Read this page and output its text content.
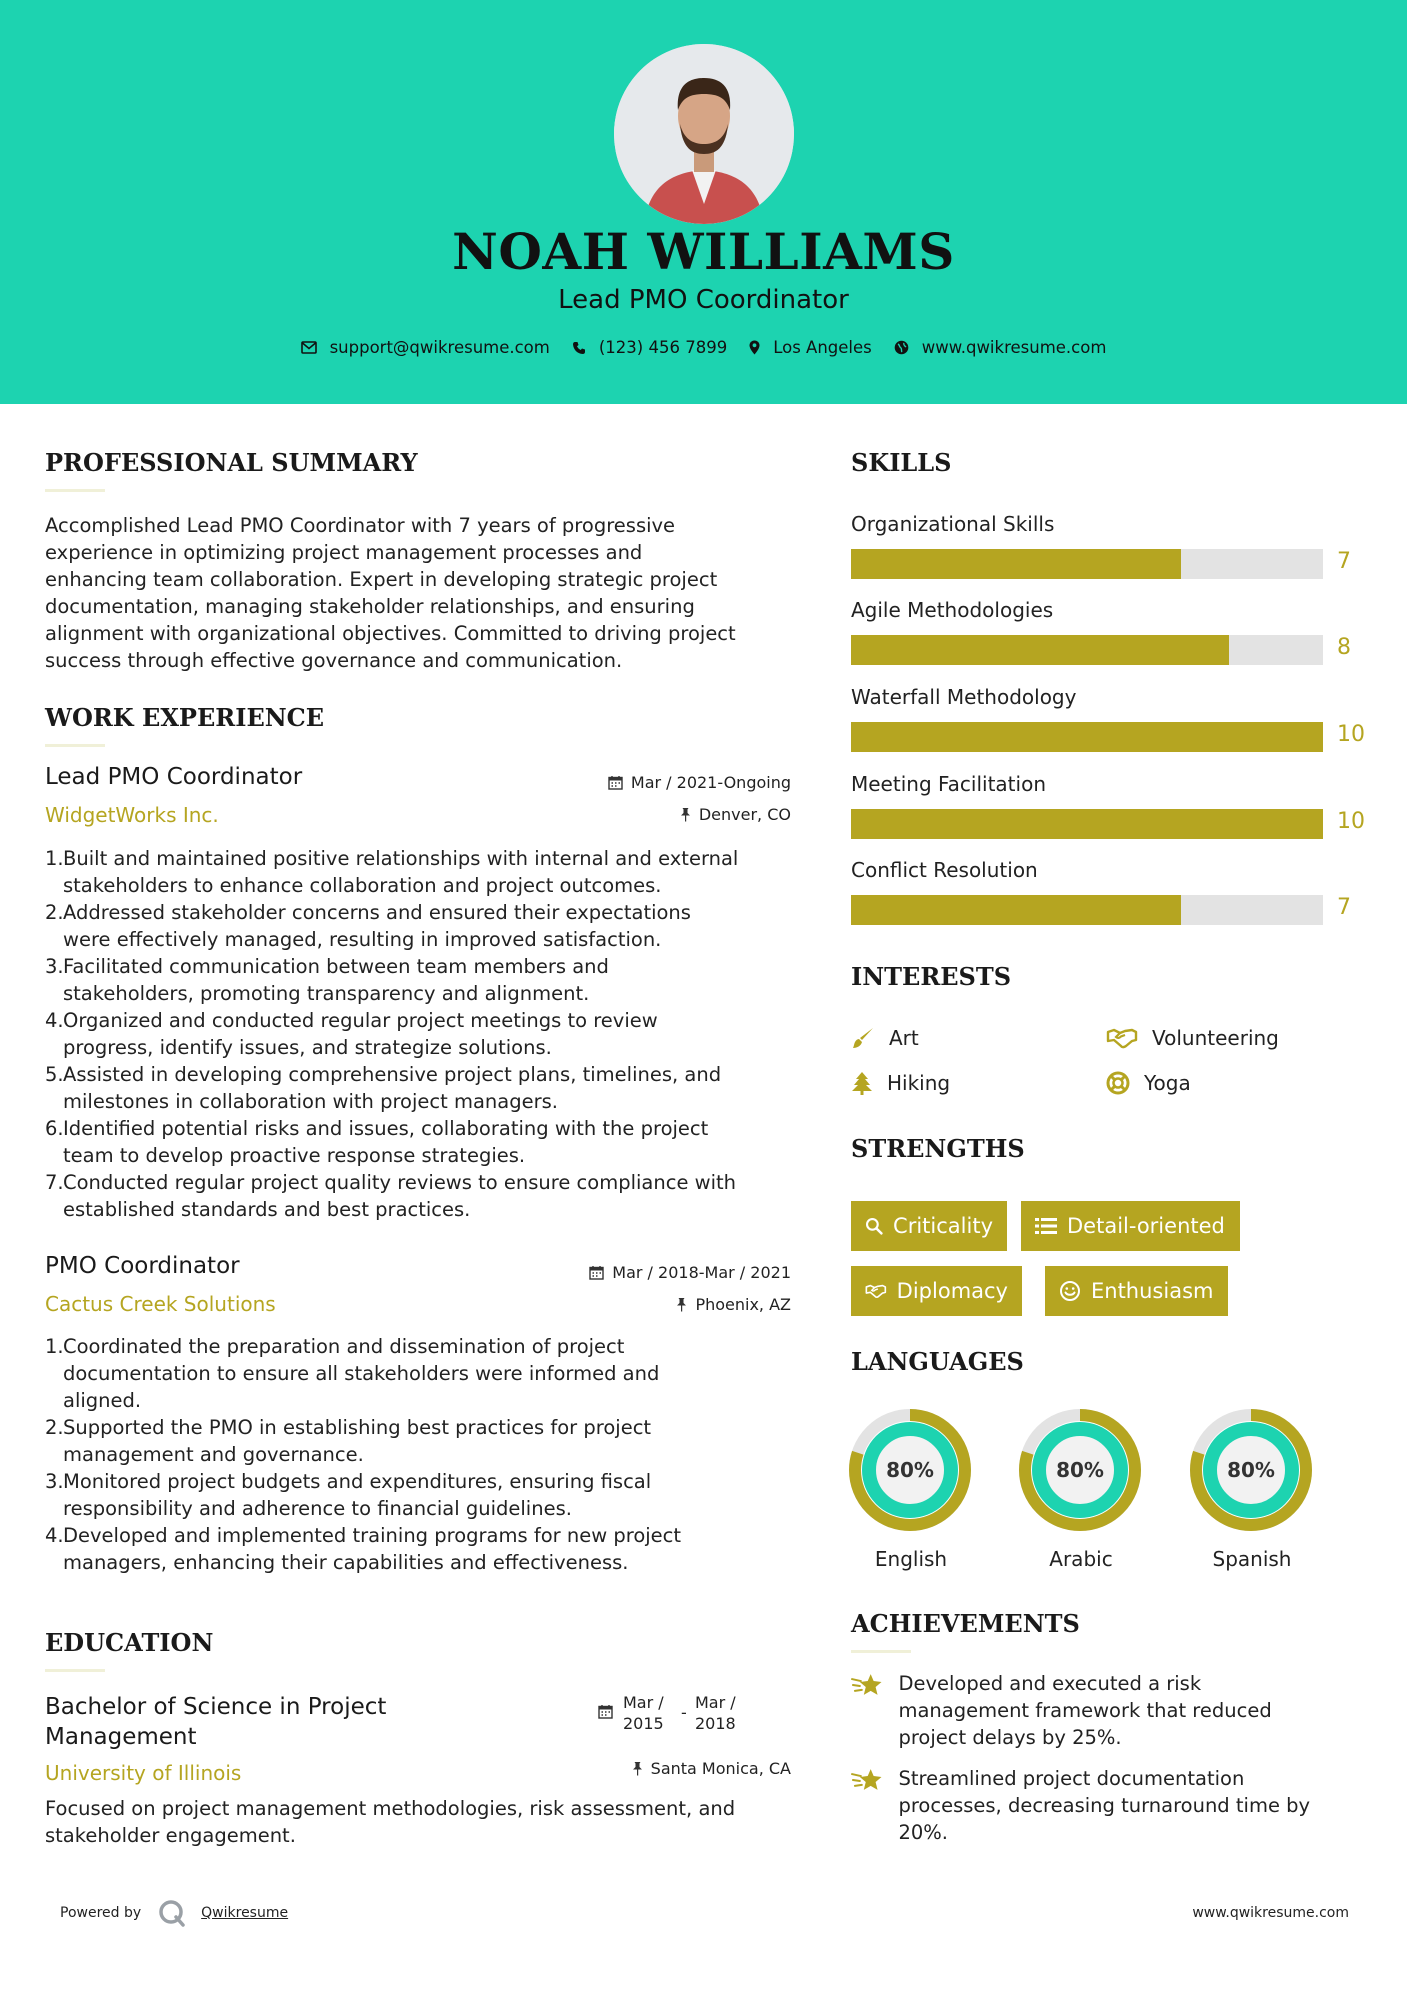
NOAH WILLIAMS
Lead PMO Coordinator
support@qwikresume.com	(123) 456 7899	Los Angeles	www.qwikresume.com
PROFESSIONAL SUMMARY
Accomplished Lead PMO Coordinator with 7 years of progressive
experience in optimizing project management processes and
enhancing team collaboration. Expert in developing strategic project
documentation, managing stakeholder relationships, and ensuring
alignment with organizational objectives. Committed to driving project
success through effective governance and communication.
WORK EXPERIENCE
Lead PMO Coordinator
WidgetWorks Inc.
Mar / 2021-Ongoing
Denver, CO
1. Built and maintained positive relationships with internal and external
stakeholders to enhance collaboration and project outcomes.
2. Addressed stakeholder concerns and ensured their expectations
were effectively managed, resulting in improved satisfaction.
3. Facilitated communication between team members and
stakeholders, promoting transparency and alignment.
4. Organized and conducted regular project meetings to review
progress, identify issues, and strategize solutions.
5. Assisted in developing comprehensive project plans, timelines, and
milestones in collaboration with project managers.
6. Identified potential risks and issues, collaborating with the project
team to develop proactive response strategies.
7. Conducted regular project quality reviews to ensure compliance with
established standards and best practices.
PMO Coordinator
Cactus Creek Solutions
Mar / 2018-Mar / 2021
Phoenix, AZ
1. Coordinated the preparation and dissemination of project
documentation to ensure all stakeholders were informed and
aligned.
2. Supported the PMO in establishing best practices for project
management and governance.
3. Monitored project budgets and expenditures, ensuring fiscal
responsibility and adherence to financial guidelines.
4. Developed and implemented training programs for new project
managers, enhancing their capabilities and effectiveness.
EDUCATION
Bachelor of Science in Project
Management
University of Illinois
Mar /
2015
-
Mar /
2018
Santa Monica, CA
Focused on project management methodologies, risk assessment, and
stakeholder engagement.
SKILLS
Organizational Skills
7
Agile Methodologies
8
Waterfall Methodology
10
Meeting Facilitation
10
Conflict Resolution
7
INTERESTS
Art	Volunteering
Hiking	Yoga
STRENGTHS
Criticality	Detail-oriented
Diplomacy	Enthusiasm
LANGUAGES
80%	80%	80%
English	Arabic	Spanish
ACHIEVEMENTS
Developed and executed a risk
management framework that reduced
project delays by 25%.
Streamlined project documentation
processes, decreasing turnaround time by
20%.
Powered by	Qwikresume	www.qwikresume.com
